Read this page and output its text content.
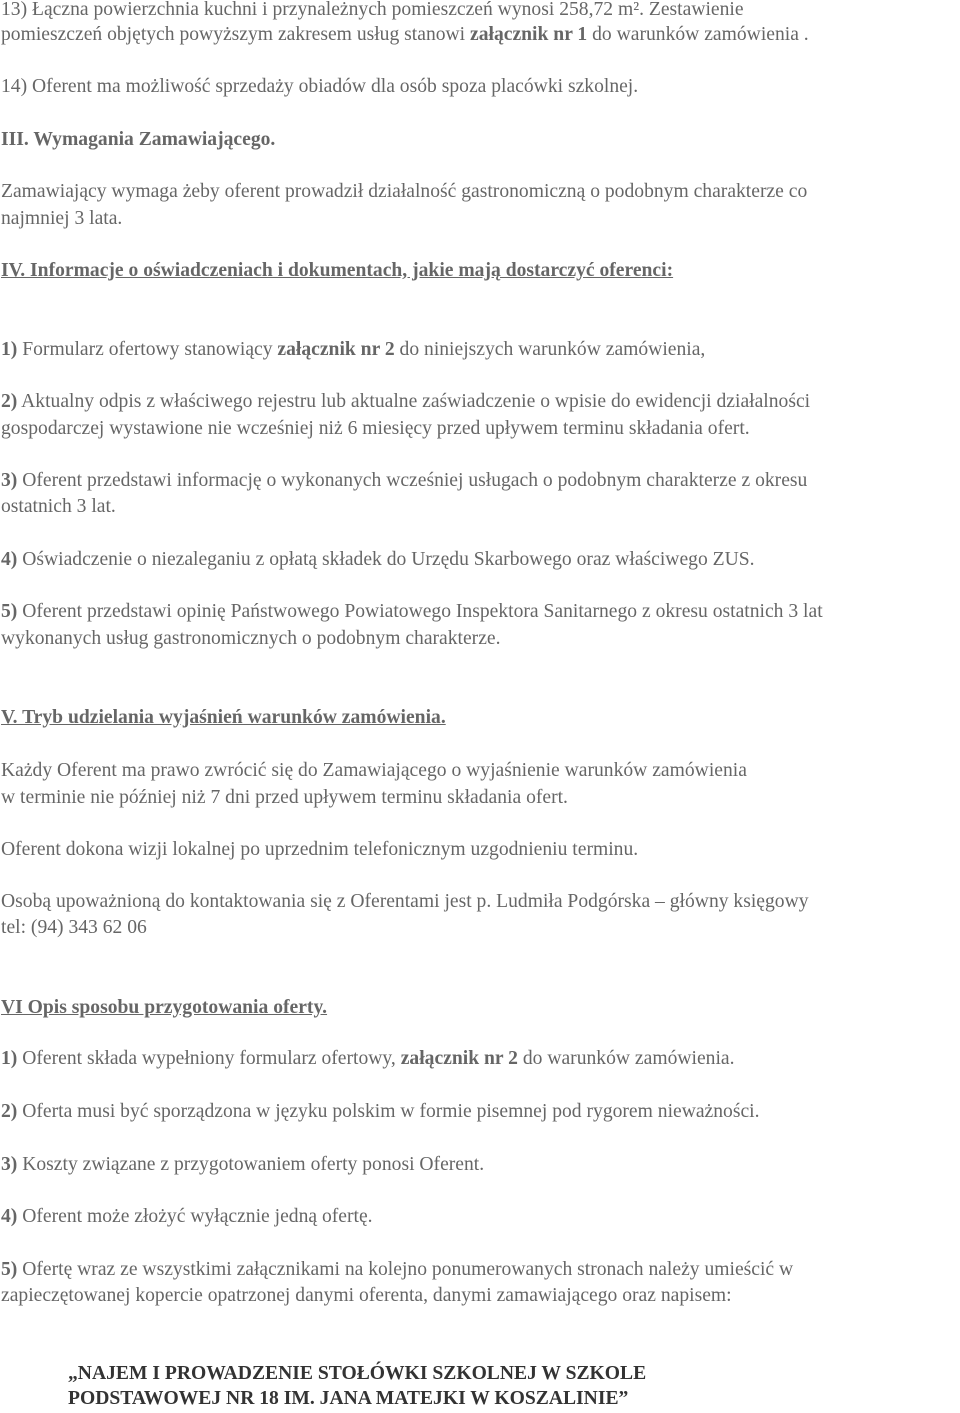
13) Łączna powierzchnia kuchni i przynależnych pomieszczeń wynosi 258,72 m². Zestawienie
pomieszczeń objętych powyższym zakresem usług stanowi załącznik nr 1 do warunków zamówienia .
14) Oferent ma możliwość sprzedaży obiadów dla osób spoza placówki szkolnej.
III. Wymagania Zamawiającego.
Zamawiający wymaga żeby oferent prowadził działalność gastronomiczną o podobnym charakterze co
najmniej 3 lata.
IV. Informacje o oświadczeniach i dokumentach, jakie mają dostarczyć oferenci:
1) Formularz ofertowy stanowiący załącznik nr 2 do niniejszych warunków zamówienia,
2) Aktualny odpis z właściwego rejestru lub aktualne zaświadczenie o wpisie do ewidencji działalności
gospodarczej wystawione nie wcześniej niż 6 miesięcy przed upływem terminu składania ofert.
3) Oferent przedstawi informację o wykonanych wcześniej usługach o podobnym charakterze z okresu
ostatnich 3 lat.
4) Oświadczenie o niezaleganiu z opłatą składek do Urzędu Skarbowego oraz właściwego ZUS.
5) Oferent przedstawi opinię Państwowego Powiatowego Inspektora Sanitarnego z okresu ostatnich 3 lat
wykonanych usług gastronomicznych o podobnym charakterze.
V. Tryb udzielania wyjaśnień warunków zamówienia.
Każdy Oferent ma prawo zwrócić się do Zamawiającego o wyjaśnienie warunków zamówienia
w terminie nie później niż 7 dni przed upływem terminu składania ofert.
Oferent dokona wizji lokalnej po uprzednim telefonicznym uzgodnieniu terminu.
Osobą upoważnioną do kontaktowania się z Oferentami jest p. Ludmiła Podgórska – główny księgowy
tel: (94) 343 62 06
VI Opis sposobu przygotowania oferty.
1) Oferent składa wypełniony formularz ofertowy, załącznik nr 2 do warunków zamówienia.
2) Oferta musi być sporządzona w języku polskim w formie pisemnej pod rygorem nieważności.
3) Koszty związane z przygotowaniem oferty ponosi Oferent.
4) Oferent może złożyć wyłącznie jedną ofertę.
5) Ofertę wraz ze wszystkimi załącznikami na kolejno ponumerowanych stronach należy umieścić w
zapieczętowanej kopercie opatrzonej danymi oferenta, danymi zamawiającego oraz napisem:
„NAJEM I PROWADZENIE STOŁÓWKI SZKOLNEJ W SZKOLE
PODSTAWOWEJ NR 18 IM. JANA MATEJKI W KOSZALINIE”
